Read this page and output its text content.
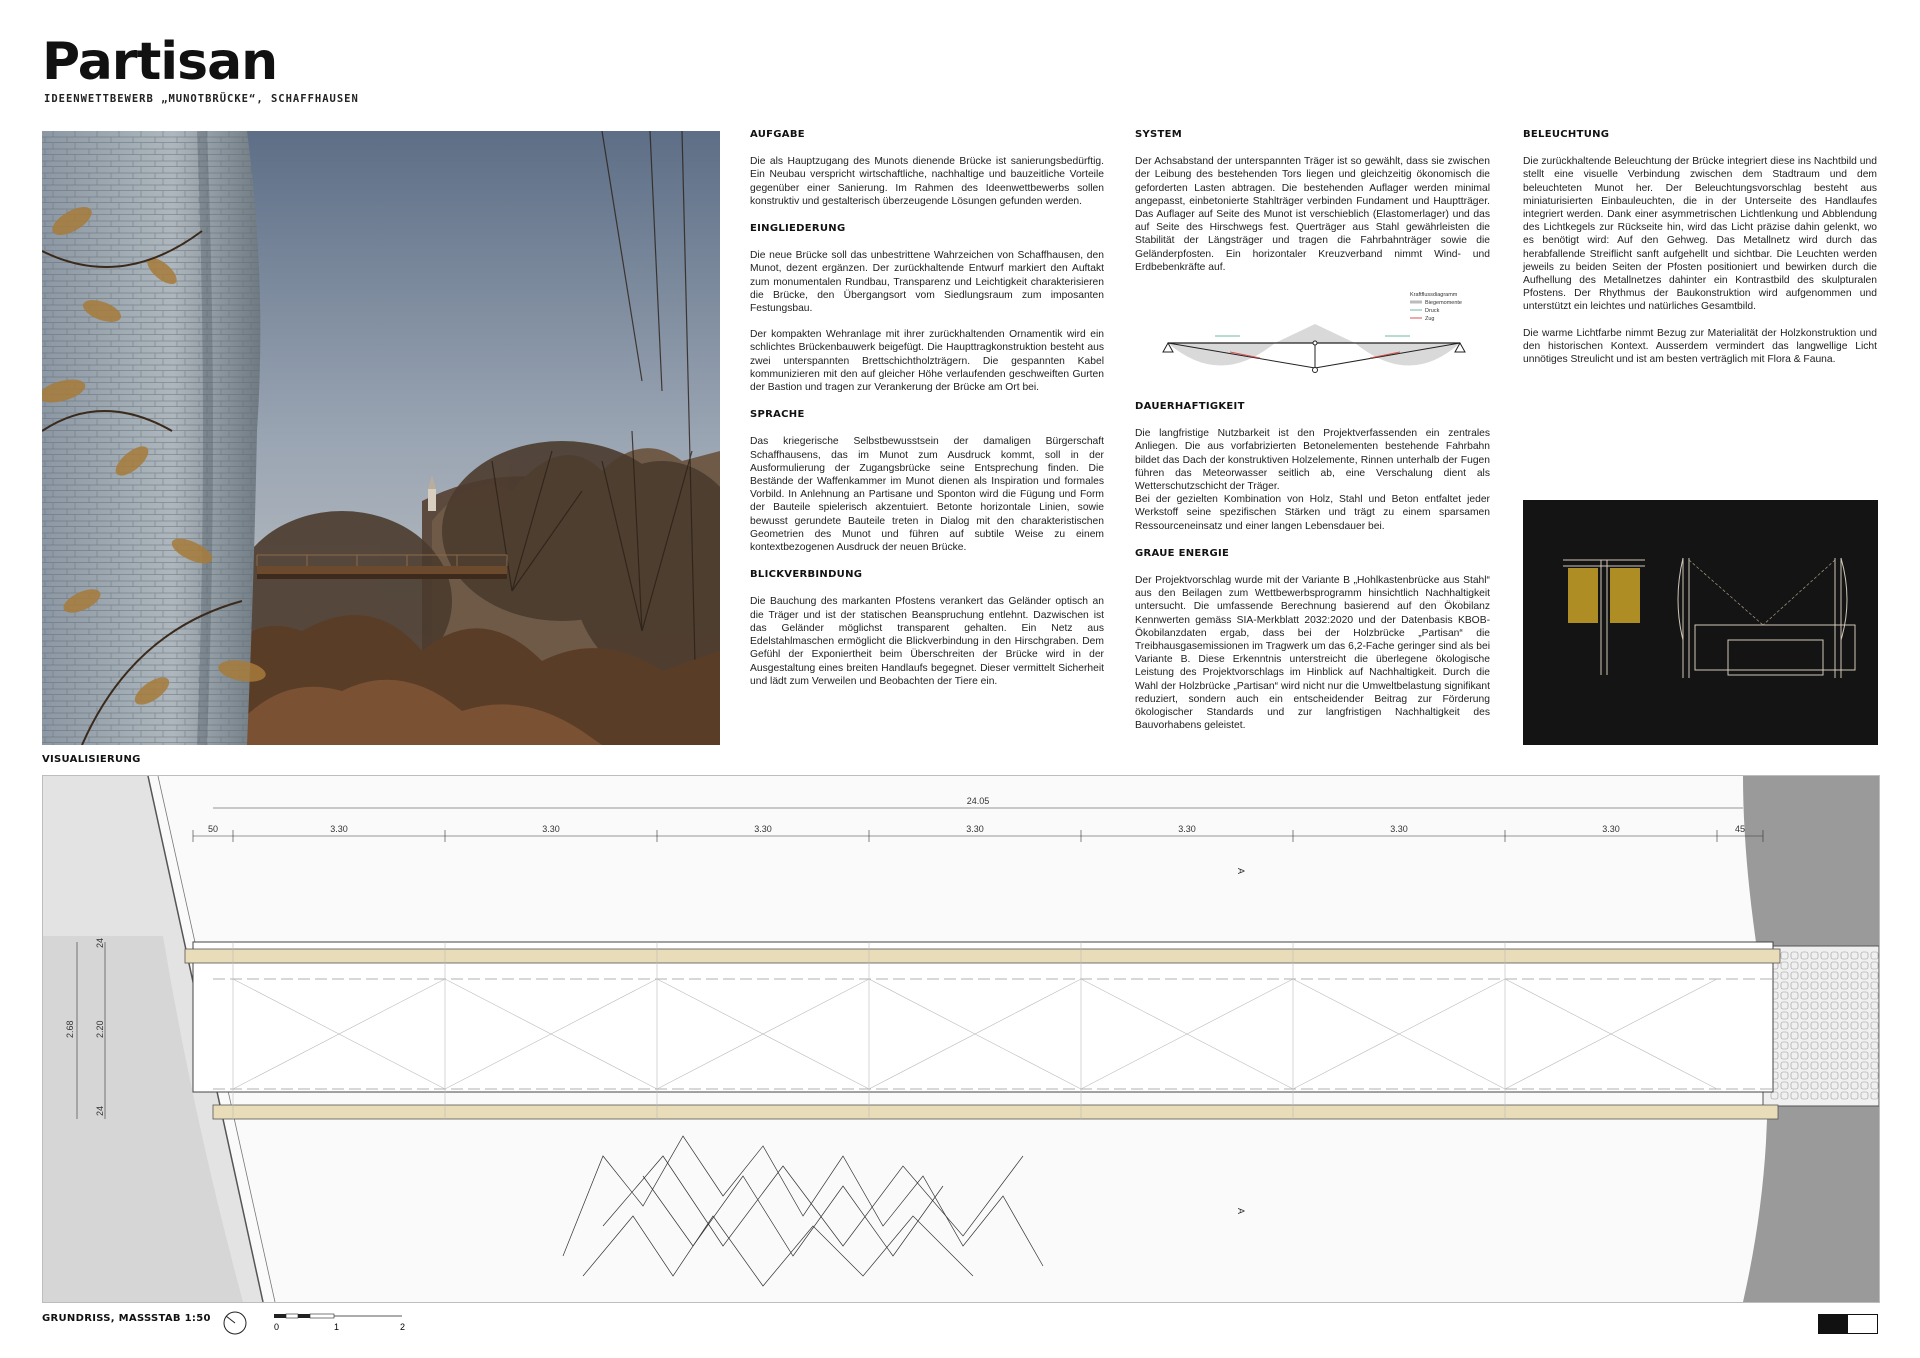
Partisan
IDEENWETTBEWERB „MUNOTBRÜCKE“, SCHAFFHAUSEN
VISUALISIERUNG
AUFGABE

Die als Hauptzugang des Munots dienende Brücke ist sanierungsbedürftig. Ein Neubau verspricht wirtschaftliche, nachhaltige und bauzeitliche Vorteile gegenüber einer Sanierung. Im Rahmen des Ideenwettbewerbs sollen konstruktiv und gestalterisch überzeugende Lösungen gefunden werden.

EINGLIEDERUNG

Die neue Brücke soll das unbestrittene Wahrzeichen von Schaffhausen, den Munot, dezent ergänzen. Der zurückhaltende Entwurf markiert den Auftakt zum monumentalen Rundbau, Transparenz und Leichtigkeit charakterisieren die Brücke, den Übergangsort vom Siedlungsraum zum imposanten Festungsbau.

Der kompakten Wehranlage mit ihrer zurückhaltenden Ornamentik wird ein schlichtes Brückenbauwerk beigefügt. Die Haupttragkonstruktion besteht aus zwei unterspannten Brettschichtholzträgern. Die gespannten Kabel kommunizieren mit den auf gleicher Höhe verlaufenden geschweiften Gurten der Bastion und tragen zur Verankerung der Brücke am Ort bei.

SPRACHE

Das kriegerische Selbstbewusstsein der damaligen Bürgerschaft Schaffhausens, das im Munot zum Ausdruck kommt, soll in der Ausformulierung der Zugangsbrücke seine Entsprechung finden. Die Bestände der Waffenkammer im Munot dienen als Inspiration und formales Vorbild. In Anlehnung an Partisane und Sponton wird die Fügung und Form der Bauteile spielerisch akzentuiert. Betonte horizontale Linien, sowie bewusst gerundete Bauteile treten in Dialog mit den charakteristischen Geometrien des Munot und führen auf subtile Weise zu einem kontextbezogenen Ausdruck der neuen Brücke.

BLICKVERBINDUNG

Die Bauchung des markanten Pfostens verankert das Geländer optisch an die Träger und ist der statischen Beanspruchung entlehnt. Dazwischen ist das Geländer möglichst transparent gehalten. Ein Netz aus Edelstahlmaschen ermöglicht die Blickverbindung in den Hirschgraben. Dem Gefühl der Exponiertheit beim Überschreiten der Brücke wird in der Ausgestaltung eines breiten Handlaufs begegnet. Dieser vermittelt Sicherheit und lädt zum Verweilen und Beobachten der Tiere ein.

SYSTEM

Der Achsabstand der unterspannten Träger ist so gewählt, dass sie zwischen der Leibung des bestehenden Tors liegen und gleichzeitig ökonomisch die geforderten Lasten abtragen. Die bestehenden Auflager werden minimal angepasst, einbetonierte Stahlträger verbinden Fundament und Hauptträger. Das Auflager auf Seite des Munot ist verschieblich (Elastomerlager) und das auf Seite des Hirschwegs fest. Querträger aus Stahl gewährleisten die Stabilität der Längsträger und tragen die Fahrbahnträger sowie die Geländerpfosten. Ein horizontaler Kreuzverband nimmt Wind- und Erdbebenkräfte auf.

Kraftflussdiagramm
Biegemomente
Druck
Zug
DAUERHAFTIGKEIT

Die langfristige Nutzbarkeit ist den Projektverfassenden ein zentrales Anliegen. Die aus vorfabrizierten Betonelementen bestehende Fahrbahn bildet das Dach der konstruktiven Holzelemente, Rinnen unterhalb der Fugen führen das Meteorwasser seitlich ab, eine Verschalung dient als Wetterschutzschicht der Träger.
Bei der gezielten Kombination von Holz, Stahl und Beton entfaltet jeder Werkstoff seine spezifischen Stärken und trägt zu einem sparsamen Ressourceneinsatz und einer langen Lebensdauer bei.

GRAUE ENERGIE

Der Projektvorschlag wurde mit der Variante B „Hohlkastenbrücke aus Stahl“ aus den Beilagen zum Wettbewerbsprogramm hinsichtlich Nachhaltigkeit untersucht. Die umfassende Berechnung basierend auf den Ökobilanz Kennwerten gemäss SIA-Merkblatt 2032:2020 und der Datenbasis KBOB-Ökobilanzdaten ergab, dass bei der Holzbrücke „Partisan“ die Treibhausgasemissionen im Tragwerk um das 6,2-Fache geringer sind als bei Variante B. Diese Erkenntnis unterstreicht die überlegene ökologische Leistung des Projektvorschlags im Hinblick auf Nachhaltigkeit. Durch die Wahl der Holzbrücke „Partisan“ wird nicht nur die Umweltbelastung signifikant reduziert, sondern auch ein entscheidender Beitrag zur Förderung ökologischer Standards und zur langfristigen Nachhaltigkeit des Bauvorhabens geleistet.

BELEUCHTUNG

Die zurückhaltende Beleuchtung der Brücke integriert diese ins Nachtbild und stellt eine visuelle Verbindung zwischen dem Stadtraum und dem beleuchteten Munot her. Der Beleuchtungsvorschlag besteht aus miniaturisierten Einbauleuchten, die in der Unterseite des Handlaufes integriert werden. Dank einer asymmetrischen Lichtlenkung und Abblendung des Lichtkegels zur Rückseite hin, wird das Licht präzise dahin gelenkt, wo es benötigt wird: Auf den Gehweg. Das Metallnetz wird durch das herabfallende Streiflicht sanft aufgehellt und sichtbar. Die Leuchten werden jeweils zu beiden Seiten der Pfosten positioniert und bewirken durch die Aufhellung des Metallnetzes dahinter ein Kontrastbild des skulpturalen Pfostens. Der Rhythmus der Baukonstruktion wird aufgenommen und unterstützt ein leichtes und natürliches Gesamtbild.

Die warme Lichtfarbe nimmt Bezug zur Materialität der Holzkonstruktion und den historischen Kontext. Ausserdem vermindert das langwellige Licht unnötiges Streulicht und ist am besten verträglich mit Flora & Fauna.

24.05
50	3.30	3.30	3.30	3.30	3.30	3.30	3.30	45
A
A
2.68
24
2.20
24
GRUNDRISS, MASSSTAB 1:50
0	1	2
